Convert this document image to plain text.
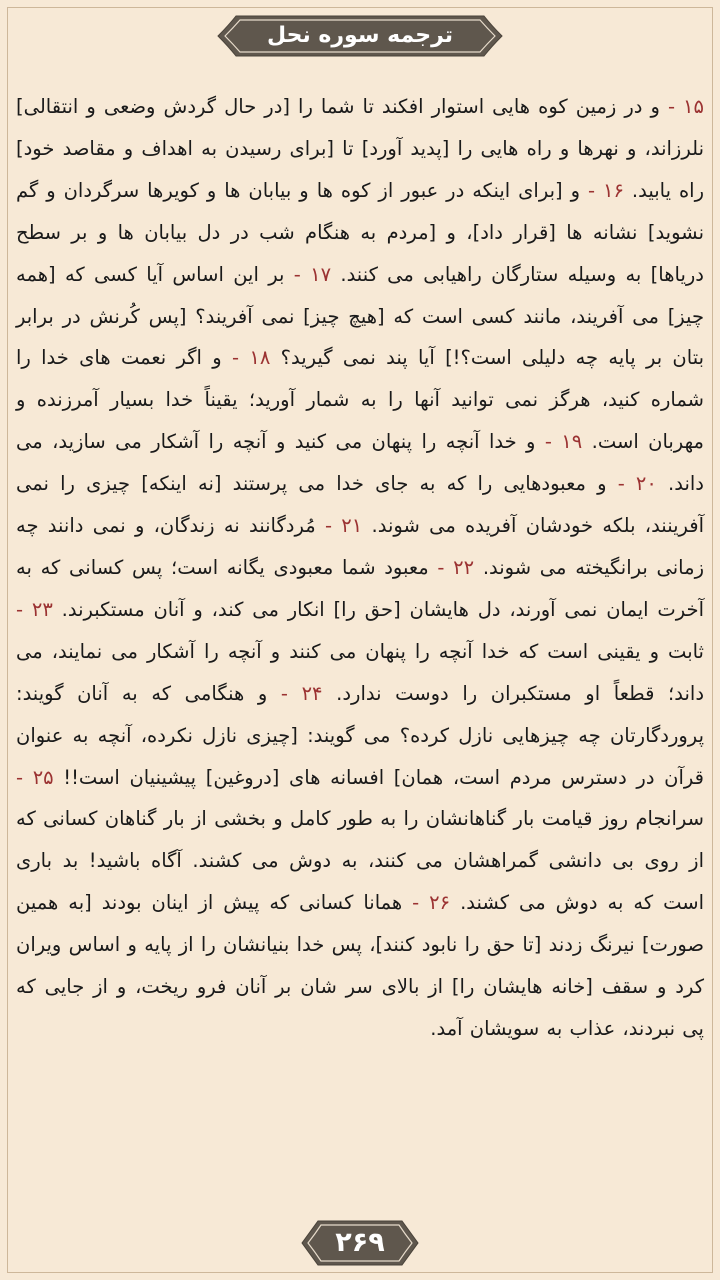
ترجمه سوره نحل

۱۵ - و در زمین کوه هایی استوار افکند تا شما را [در حال گردش وضعی و انتقالی] نلرزاند، و نهرها و راه هایی را [پدید آورد] تا [برای رسیدن به اهداف و مقاصد خود] راه یابید. ۱۶ - و [برای اینکه در عبور از کوه ها و بیابان ها و کویرها سرگردان و گم نشوید] نشانه ها [قرار داد]، و [مردم به هنگام شب در دل بیابان ها و بر سطح دریاها] به وسیله ستارگان راهیابی می کنند. ۱۷ - بر این اساس آیا کسی که [همه چیز] می آفریند، مانند کسی است که [هیچ چیز] نمی آفریند؟ [پس کُرنش در برابر بتان بر پایه چه دلیلی است؟!] آیا پند نمی گیرید؟ ۱۸ - و اگر نعمت های خدا را شماره کنید، هرگز نمی توانید آنها را به شمار آورید؛ یقیناً خدا بسیار آمرزنده و مهربان است. ۱۹ - و خدا آنچه را پنهان می کنید و آنچه را آشکار می سازید، می داند. ۲۰ - و معبودهایی را که به جای خدا می پرستند [نه اینکه] چیزی را نمی آفرینند، بلکه خودشان آفریده می شوند. ۲۱ - مُردگانند نه زندگان، و نمی دانند چه زمانی برانگیخته می شوند. ۲۲ - معبود شما معبودی یگانه است؛ پس کسانی که به آخرت ایمان نمی آورند، دل هایشان [حق را] انکار می کند، و آنان مستکبرند. ۲۳ - ثابت و یقینی است که خدا آنچه را پنهان می کنند و آنچه را آشکار می نمایند، می داند؛ قطعاً او مستکبران را دوست ندارد. ۲۴ - و هنگامی که به آنان گویند: پروردگارتان چه چیزهایی نازل کرده؟ می گویند: [چیزی نازل نکرده، آنچه به عنوان قرآن در دسترس مردم است، همان] افسانه های [دروغین] پیشینیان است!! ۲۵ - سرانجام روز قیامت بار گناهانشان را به طور کامل و بخشی از بار گناهان کسانی که از روی بی دانشی گمراهشان می کنند، به دوش می کشند. آگاه باشید! بد باری است که به دوش می کشند. ۲۶ - همانا کسانی که پیش از اینان بودند [به همین صورت] نیرنگ زدند [تا حق را نابود کنند]، پس خدا بنیانشان را از پایه و اساس ویران کرد و سقف [خانه هایشان را] از بالای سر شان بر آنان فرو ریخت، و از جایی که پی نبردند، عذاب به سویشان آمد.

۲۶۹
